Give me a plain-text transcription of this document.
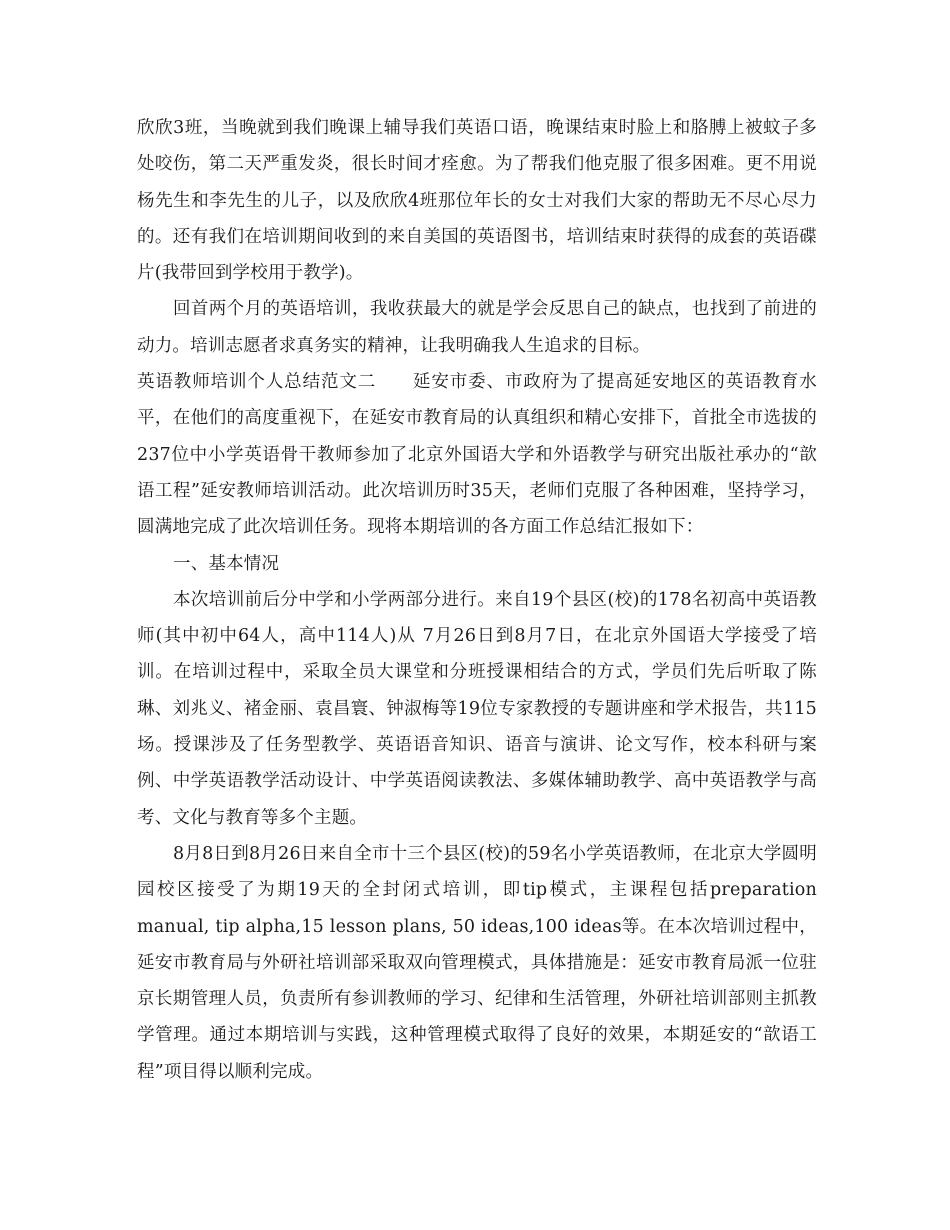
欣欣3班，当晚就到我们晚课上辅导我们英语口语，晚课结束时脸上和胳膊上被蚊子多处咬伤，第二天严重发炎，很长时间才痊愈。为了帮我们他克服了很多困难。更不用说杨先生和李先生的儿子，以及欣欣4班那位年长的女士对我们大家的帮助无不尽心尽力的。还有我们在培训期间收到的来自美国的英语图书，培训结束时获得的成套的英语碟片(我带回到学校用于教学)。

回首两个月的英语培训，我收获最大的就是学会反思自己的缺点，也找到了前进的动力。培训志愿者求真务实的精神，让我明确我人生追求的目标。

英语教师培训个人总结范文二　　延安市委、市政府为了提高延安地区的英语教育水平，在他们的高度重视下，在延安市教育局的认真组织和精心安排下，首批全市选拔的237位中小学英语骨干教师参加了北京外国语大学和外语教学与研究出版社承办的“歆语工程”延安教师培训活动。此次培训历时35天，老师们克服了各种困难，坚持学习，圆满地完成了此次培训任务。现将本期培训的各方面工作总结汇报如下：

一、基本情况

本次培训前后分中学和小学两部分进行。来自19个县区(校)的178名初高中英语教师(其中初中64人，高中114人)从 7月26日到8月7日，在北京外国语大学接受了培训。在培训过程中，采取全员大课堂和分班授课相结合的方式，学员们先后听取了陈琳、刘兆义、褚金丽、袁昌寰、钟淑梅等19位专家教授的专题讲座和学术报告，共115场。授课涉及了任务型教学、英语语音知识、语音与演讲、论文写作，校本科研与案例、中学英语教学活动设计、中学英语阅读教法、多媒体辅助教学、高中英语教学与高考、文化与教育等多个主题。

8月8日到8月26日来自全市十三个县区(校)的59名小学英语教师，在北京大学圆明园校区接受了为期19天的全封闭式培训，即tip模式，主课程包括preparation manual, tip alpha,15 lesson plans, 50 ideas,100 ideas等。在本次培训过程中，延安市教育局与外研社培训部采取双向管理模式，具体措施是：延安市教育局派一位驻京长期管理人员，负责所有参训教师的学习、纪律和生活管理，外研社培训部则主抓教学管理。通过本期培训与实践，这种管理模式取得了良好的效果，本期延安的“歆语工程”项目得以顺利完成。
